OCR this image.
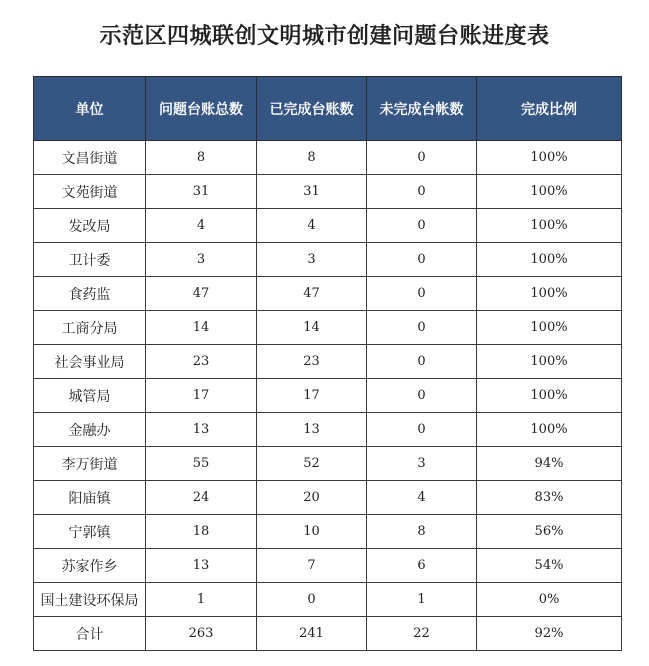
示范区四城联创文明城市创建问题台账进度表
单位	问题台账总数	已完成台账数	未完成台帐数	完成比例
文昌街道	8	8	0	100%
文苑街道	31	31	0	100%
发改局	4	4	0	100%
卫计委	3	3	0	100%
食药监	47	47	0	100%
工商分局	14	14	0	100%
社会事业局	23	23	0	100%
城管局	17	17	0	100%
金融办	13	13	0	100%
李万街道	55	52	3	94%
阳庙镇	24	20	4	83%
宁郭镇	18	10	8	56%
苏家作乡	13	7	6	54%
国土建设环保局	1	0	1	0%
合计	263	241	22	92%
